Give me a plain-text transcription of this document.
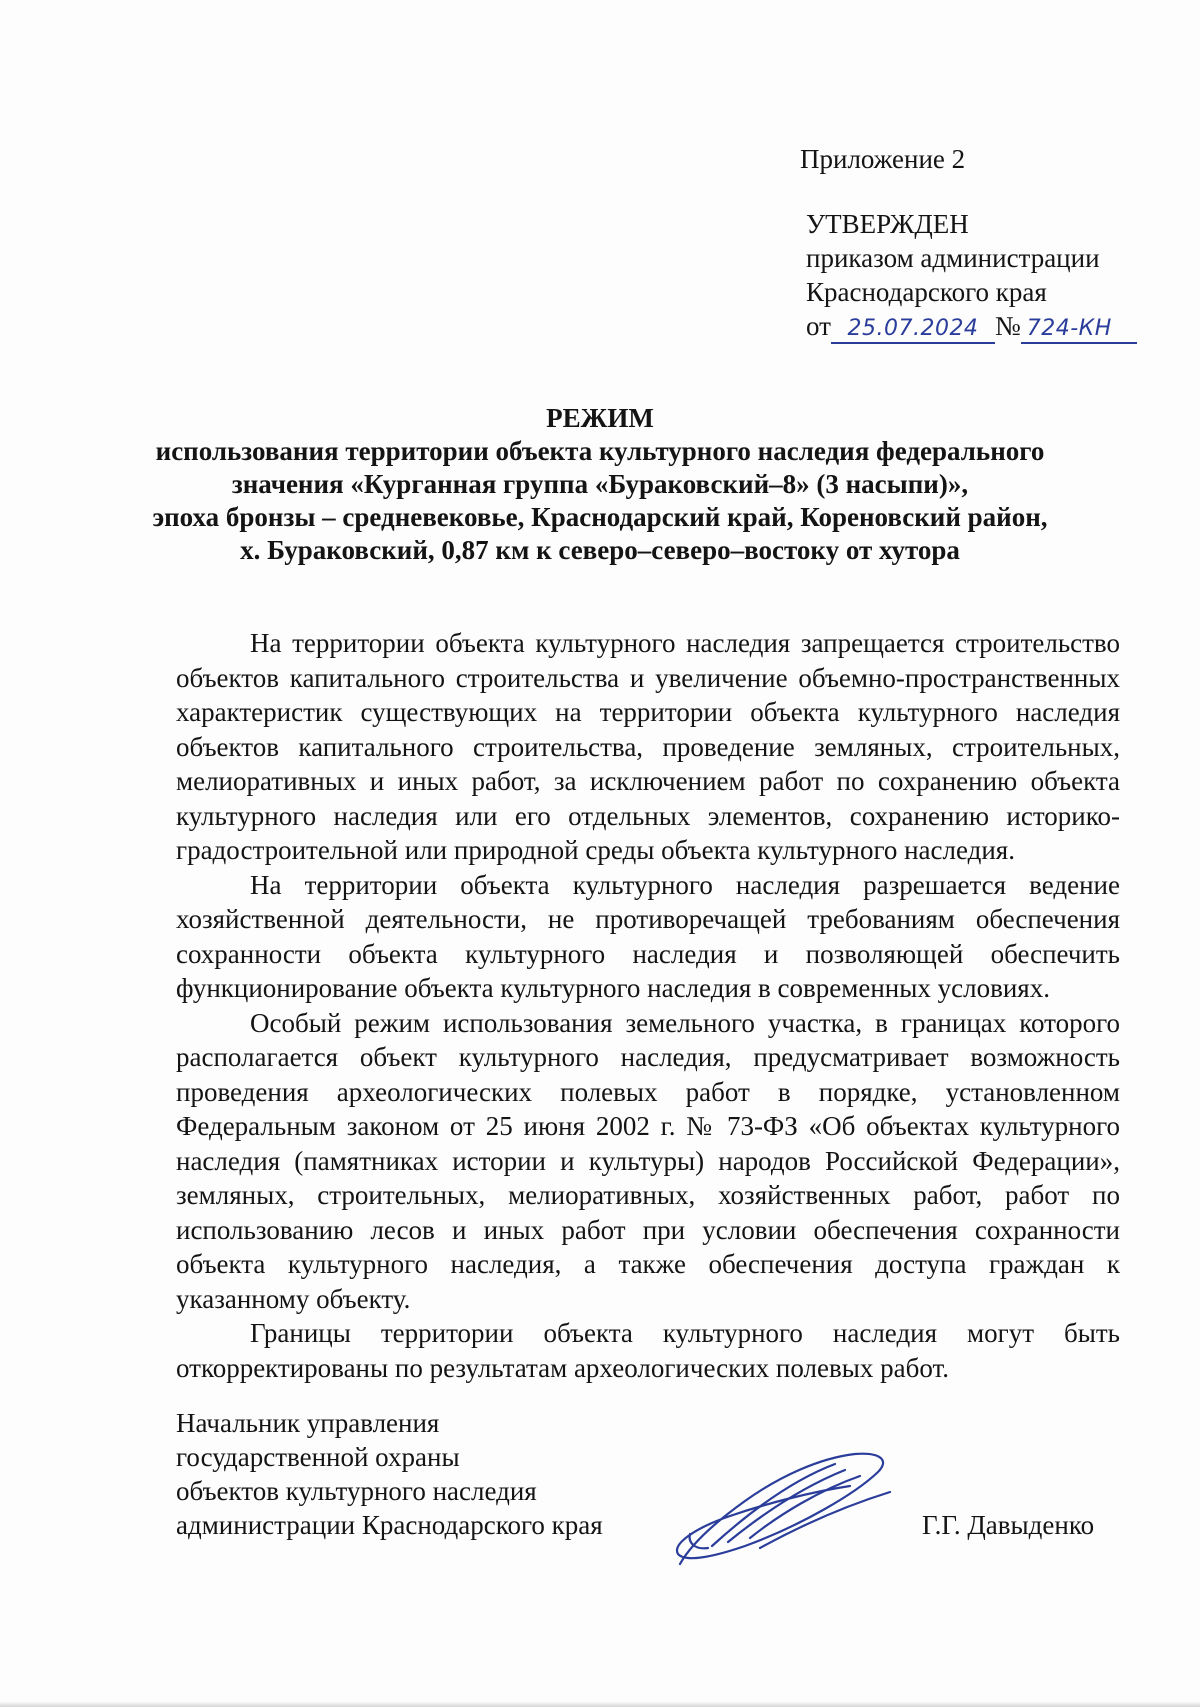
Приложение 2
УТВЕРЖДЕН
приказом администрации
Краснодарского края
от 25.07.2024 № 724-КН
РЕЖИМ
использования территории объекта культурного наследия федерального
значения «Курганная группа «Бураковский–8» (3 насыпи)»,
эпоха бронзы – средневековье, Краснодарский край, Кореновский район,
х. Бураковский, 0,87 км к северо–северо–востоку от хутора

На территории объекта культурного наследия запрещается строительство объектов капитального строительства и увеличение объемно-пространственных характеристик существующих на территории объекта культурного наследия объектов капитального строительства, проведение земляных, строительных, мелиоративных и иных работ, за исключением работ по сохранению объекта культурного наследия или его отдельных элементов, сохранению историко-градостроительной или природной среды объекта культурного наследия.

На территории объекта культурного наследия разрешается ведение хозяйственной деятельности, не противоречащей требованиям обеспечения сохранности объекта культурного наследия и позволяющей обеспечить функционирование объекта культурного наследия в современных условиях.

Особый режим использования земельного участка, в границах которого располагается объект культурного наследия, предусматривает возможность проведения археологических полевых работ в порядке, установленном Федеральным законом от 25 июня 2002 г. № 73-ФЗ «Об объектах культурного наследия (памятниках истории и культуры) народов Российской Федерации», земляных, строительных, мелиоративных, хозяйственных работ, работ по использованию лесов и иных работ при условии обеспечения сохранности объекта культурного наследия, а также обеспечения доступа граждан к указанному объекту.

Границы территории объекта культурного наследия могут быть откорректированы по результатам археологических полевых работ.

Начальник управления
государственной охраны
объектов культурного наследия
администрации Краснодарского края	Г.Г. Давыденко
